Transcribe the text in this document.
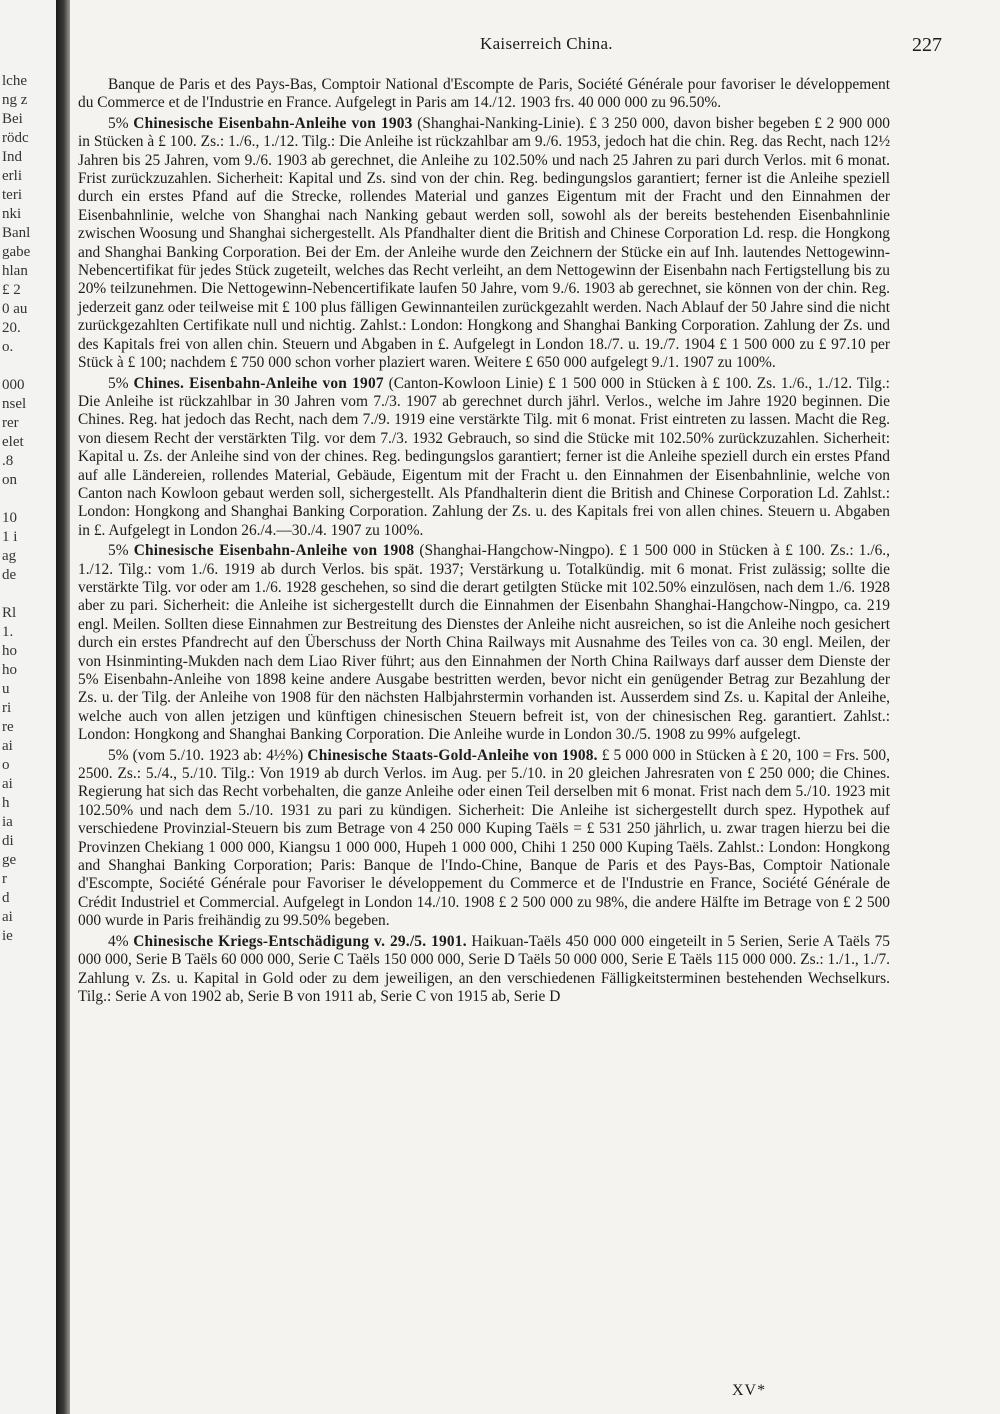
lche
ng z
Bei
rödc
Ind
erli
teri
nki
Banl
gabe
hlan
£ 2
0 au
20.
o.
000
nsel
rer
elet
.8
on
10
1 i
ag
de
Rl
1.
ho
ho
u
ri
re
ai
o
ai
h
ia
di
ge
r
d
ai
ie
Kaiserreich China.	227

Banque de Paris et des Pays-Bas, Comptoir National d'Escompte de Paris, Société Générale pour favoriser le développement du Commerce et de l'Industrie en France. Aufgelegt in Paris am 14./12. 1903 frs. 40 000 000 zu 96.50%.

5% Chinesische Eisenbahn-Anleihe von 1903 (Shanghai-Nanking-Linie). £ 3 250 000, davon bisher begeben £ 2 900 000 in Stücken à £ 100. Zs.: 1./6., 1./12. Tilg.: Die Anleihe ist rückzahlbar am 9./6. 1953, jedoch hat die chin. Reg. das Recht, nach 12½ Jahren bis 25 Jahren, vom 9./6. 1903 ab gerechnet, die Anleihe zu 102.50% und nach 25 Jahren zu pari durch Verlos. mit 6 monat. Frist zurückzuzahlen. Sicherheit: Kapital und Zs. sind von der chin. Reg. bedingungslos garantiert; ferner ist die Anleihe speziell durch ein erstes Pfand auf die Strecke, rollendes Material und ganzes Eigentum mit der Fracht und den Einnahmen der Eisenbahnlinie, welche von Shanghai nach Nanking gebaut werden soll, sowohl als der bereits bestehenden Eisenbahnlinie zwischen Woosung und Shanghai sichergestellt. Als Pfandhalter dient die British and Chinese Corporation Ld. resp. die Hongkong and Shanghai Banking Corporation. Bei der Em. der Anleihe wurde den Zeichnern der Stücke ein auf Inh. lautendes Nettogewinn-Nebencertifikat für jedes Stück zugeteilt, welches das Recht verleiht, an dem Nettogewinn der Eisenbahn nach Fertigstellung bis zu 20% teilzunehmen. Die Nettogewinn-Nebencertifikate laufen 50 Jahre, vom 9./6. 1903 ab gerechnet, sie können von der chin. Reg. jederzeit ganz oder teilweise mit £ 100 plus fälligen Gewinnanteilen zurückgezahlt werden. Nach Ablauf der 50 Jahre sind die nicht zurückgezahlten Certifikate null und nichtig. Zahlst.: London: Hongkong and Shanghai Banking Corporation. Zahlung der Zs. und des Kapitals frei von allen chin. Steuern und Abgaben in £. Aufgelegt in London 18./7. u. 19./7. 1904 £ 1 500 000 zu £ 97.10 per Stück à £ 100; nachdem £ 750 000 schon vorher plaziert waren. Weitere £ 650 000 aufgelegt 9./1. 1907 zu 100%.

5% Chines. Eisenbahn-Anleihe von 1907 (Canton-Kowloon Linie) £ 1 500 000 in Stücken à £ 100. Zs. 1./6., 1./12. Tilg.: Die Anleihe ist rückzahlbar in 30 Jahren vom 7./3. 1907 ab gerechnet durch jährl. Verlos., welche im Jahre 1920 beginnen. Die Chines. Reg. hat jedoch das Recht, nach dem 7./9. 1919 eine verstärkte Tilg. mit 6 monat. Frist eintreten zu lassen. Macht die Reg. von diesem Recht der verstärkten Tilg. vor dem 7./3. 1932 Gebrauch, so sind die Stücke mit 102.50% zurückzuzahlen. Sicherheit: Kapital u. Zs. der Anleihe sind von der chines. Reg. bedingungslos garantiert; ferner ist die Anleihe speziell durch ein erstes Pfand auf alle Ländereien, rollendes Material, Gebäude, Eigentum mit der Fracht u. den Einnahmen der Eisenbahnlinie, welche von Canton nach Kowloon gebaut werden soll, sichergestellt. Als Pfandhalterin dient die British and Chinese Corporation Ld. Zahlst.: London: Hongkong and Shanghai Banking Corporation. Zahlung der Zs. u. des Kapitals frei von allen chines. Steuern u. Abgaben in £. Aufgelegt in London 26./4.—30./4. 1907 zu 100%.

5% Chinesische Eisenbahn-Anleihe von 1908 (Shanghai-Hangchow-Ningpo). £ 1 500 000 in Stücken à £ 100. Zs.: 1./6., 1./12. Tilg.: vom 1./6. 1919 ab durch Verlos. bis spät. 1937; Verstärkung u. Totalkündig. mit 6 monat. Frist zulässig; sollte die verstärkte Tilg. vor oder am 1./6. 1928 geschehen, so sind die derart getilgten Stücke mit 102.50% einzulösen, nach dem 1./6. 1928 aber zu pari. Sicherheit: die Anleihe ist sichergestellt durch die Einnahmen der Eisenbahn Shanghai-Hangchow-Ningpo, ca. 219 engl. Meilen. Sollten diese Einnahmen zur Bestreitung des Dienstes der Anleihe nicht ausreichen, so ist die Anleihe noch gesichert durch ein erstes Pfandrecht auf den Überschuss der North China Railways mit Ausnahme des Teiles von ca. 30 engl. Meilen, der von Hsinminting-Mukden nach dem Liao River führt; aus den Einnahmen der North China Railways darf ausser dem Dienste der 5% Eisenbahn-Anleihe von 1898 keine andere Ausgabe bestritten werden, bevor nicht ein genügender Betrag zur Bezahlung der Zs. u. der Tilg. der Anleihe von 1908 für den nächsten Halbjahrstermin vorhanden ist. Ausserdem sind Zs. u. Kapital der Anleihe, welche auch von allen jetzigen und künftigen chinesischen Steuern befreit ist, von der chinesischen Reg. garantiert. Zahlst.: London: Hongkong and Shanghai Banking Corporation. Die Anleihe wurde in London 30./5. 1908 zu 99% aufgelegt.

5% (vom 5./10. 1923 ab: 4½%) Chinesische Staats-Gold-Anleihe von 1908. £ 5 000 000 in Stücken à £ 20, 100 = Frs. 500, 2500. Zs.: 5./4., 5./10. Tilg.: Von 1919 ab durch Verlos. im Aug. per 5./10. in 20 gleichen Jahresraten von £ 250 000; die Chines. Regierung hat sich das Recht vorbehalten, die ganze Anleihe oder einen Teil derselben mit 6 monat. Frist nach dem 5./10. 1923 mit 102.50% und nach dem 5./10. 1931 zu pari zu kündigen. Sicherheit: Die Anleihe ist sichergestellt durch spez. Hypothek auf verschiedene Provinzial-Steuern bis zum Betrage von 4 250 000 Kuping Taëls = £ 531 250 jährlich, u. zwar tragen hierzu bei die Provinzen Chekiang 1 000 000, Kiangsu 1 000 000, Hupeh 1 000 000, Chihi 1 250 000 Kuping Taëls. Zahlst.: London: Hongkong and Shanghai Banking Corporation; Paris: Banque de l'Indo-Chine, Banque de Paris et des Pays-Bas, Comptoir Nationale d'Escompte, Société Générale pour Favoriser le développement du Commerce et de l'Industrie en France, Société Générale de Crédit Industriel et Commercial. Aufgelegt in London 14./10. 1908 £ 2 500 000 zu 98%, die andere Hälfte im Betrage von £ 2 500 000 wurde in Paris freihändig zu 99.50% begeben.

4% Chinesische Kriegs-Entschädigung v. 29./5. 1901. Haikuan-Taëls 450 000 000 eingeteilt in 5 Serien, Serie A Taëls 75 000 000, Serie B Taëls 60 000 000, Serie C Taëls 150 000 000, Serie D Taëls 50 000 000, Serie E Taëls 115 000 000. Zs.: 1./1., 1./7. Zahlung v. Zs. u. Kapital in Gold oder zu dem jeweiligen, an den verschiedenen Fälligkeitsterminen bestehenden Wechselkurs. Tilg.: Serie A von 1902 ab, Serie B von 1911 ab, Serie C von 1915 ab, Serie D

XV*
